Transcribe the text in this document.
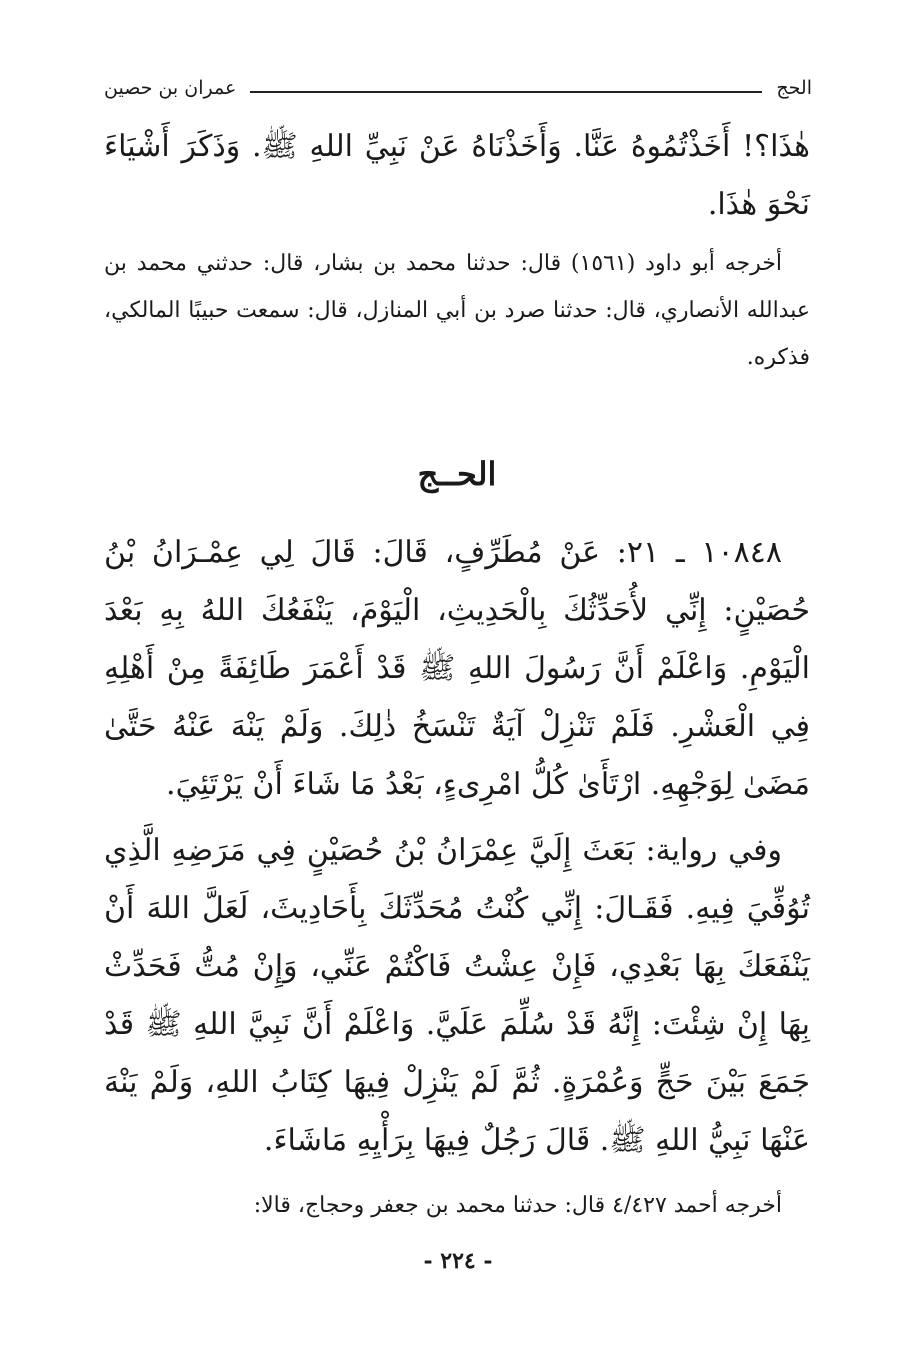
الحج
عمران بن حصين

هٰذَا؟! أَخَذْتُمُوهُ عَنَّا. وَأَخَذْنَاهُ عَنْ نَبِيِّ اللهِ ﷺ. وَذَكَرَ أَشْيَاءَ نَحْوَ هٰذَا.

أخرجه أبو داود (١٥٦١) قال: حدثنا محمد بن بشار، قال: حدثني محمد بن عبدالله الأنصاري، قال: حدثنا صرد بن أبي المنازل، قال: سمعت حبيبًا المالكي، فذكره.

الحــج

١٠٨٤٨ ـ ٢١: عَنْ مُطَرِّفٍ، قَالَ: قَالَ لِي عِمْـرَانُ بْنُ حُصَيْنٍ: إِنِّي لأُحَدِّثُكَ بِالْحَدِيثِ، الْيَوْمَ، يَنْفَعُكَ اللهُ بِهِ بَعْدَ الْيَوْمِ. وَاعْلَمْ أَنَّ رَسُولَ اللهِ ﷺ قَدْ أَعْمَرَ طَائِفَةً مِنْ أَهْلِهِ فِي الْعَشْرِ. فَلَمْ تَنْزِلْ آيَةٌ تَنْسَخُ ذٰلِكَ. وَلَمْ يَنْهَ عَنْهُ حَتَّىٰ مَضَىٰ لِوَجْهِهِ. ارْتَأَىٰ كُلُّ امْرِىءٍ، بَعْدُ مَا شَاءَ أَنْ يَرْتَئِيَ.

وفي رواية: بَعَثَ إِلَيَّ عِمْرَانُ بْنُ حُصَيْنٍ فِي مَرَضِهِ الَّذِي تُوُفِّيَ فِيهِ. فَقَـالَ: إِنِّي كُنْتُ مُحَدِّثَكَ بِأَحَادِيثَ، لَعَلَّ اللهَ أَنْ يَنْفَعَكَ بِهَا بَعْدِي، فَإِنْ عِشْتُ فَاكْتُمْ عَنِّي، وَإِنْ مُتُّ فَحَدِّثْ بِهَا إِنْ شِئْتَ: إِنَّهُ قَدْ سُلِّمَ عَلَيَّ. وَاعْلَمْ أَنَّ نَبِيَّ اللهِ ﷺ قَدْ جَمَعَ بَيْنَ حَجٍّ وَعُمْرَةٍ. ثُمَّ لَمْ يَنْزِلْ فِيهَا كِتَابُ اللهِ، وَلَمْ يَنْهَ عَنْهَا نَبِيُّ اللهِ ﷺ. قَالَ رَجُلٌ فِيهَا بِرَأْيِهِ مَاشَاءَ.

أخرجه أحمد ٤/٤٢٧ قال: حدثنا محمد بن جعفر وحجاج، قالا:

- ٢٢٤ -
